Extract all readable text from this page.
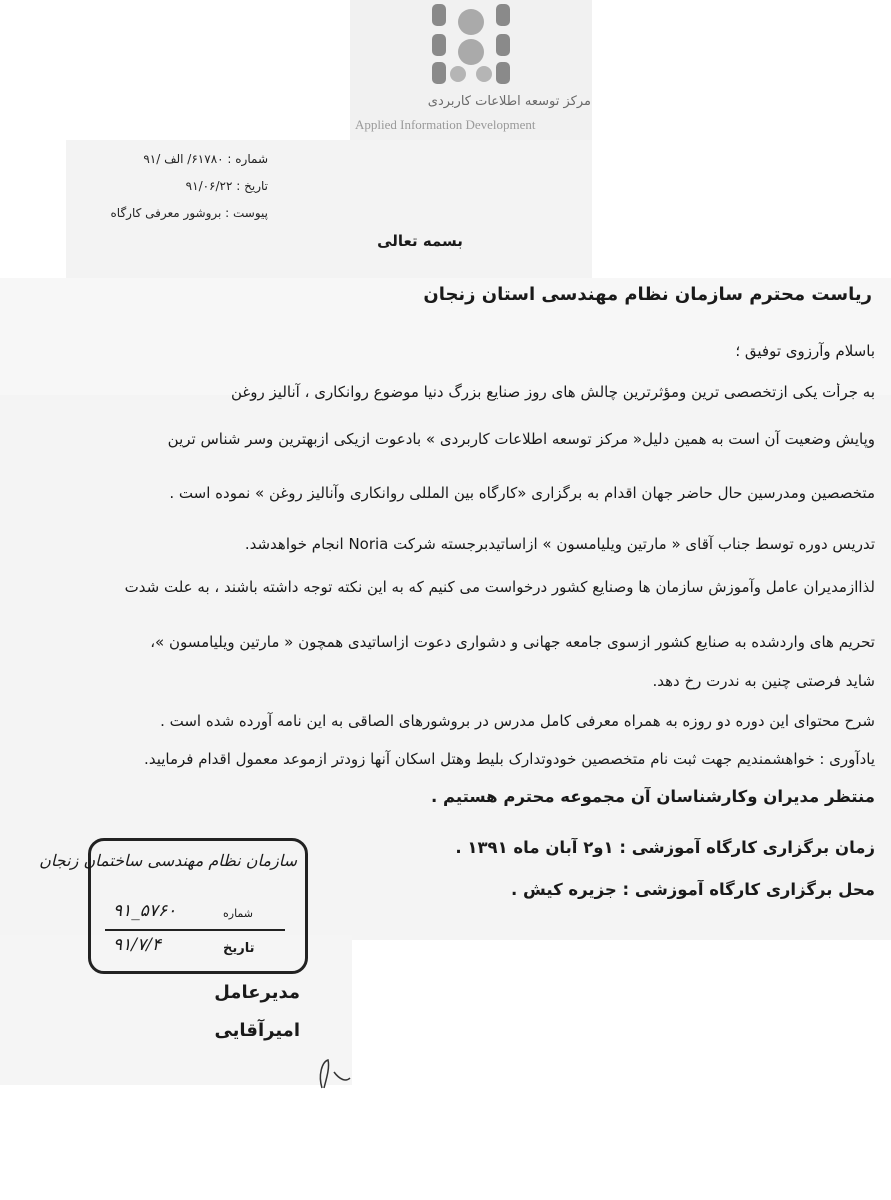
مرکز توسعه اطلاعات کاربردی
Applied Information Development
شماره : ۶۱۷۸۰/ الف /۹۱
تاریخ : ۹۱/۰۶/۲۲
پیوست : بروشور معرفی کارگاه
بسمه تعالی
ریاست محترم سازمان نظام مهندسی استان زنجان
باسلام وآرزوی توفیق ؛
به جرأت یکی ازتخصصی ترین ومؤثرترین چالش های روز صنایع بزرگ دنیا موضوع روانکاری ، آنالیز روغن
وپایش وضعیت آن است به همین دلیل« مرکز توسعه اطلاعات کاربردی » بادعوت ازیکی ازبهترین وسر شناس ترین
متخصصین ومدرسین حال حاضر جهان اقدام به برگزاری «کارگاه بین المللی روانکاری وآنالیز روغن » نموده است .
تدریس دوره توسط جناب آقای « مارتین ویلیامسون » ازاساتیدبرجسته شرکت Noria انجام خواهدشد.
لذاازمدیران عامل وآموزش سازمان ها وصنایع کشور درخواست می کنیم که به این نکته توجه داشته باشند ، به علت شدت
تحریم های واردشده به صنایع کشور ازسوی جامعه جهانی و دشواری دعوت ازاساتیدی همچون « مارتین ویلیامسون »،
شاید فرصتی چنین به ندرت رخ دهد.
شرح محتوای این دوره دو روزه به همراه معرفی کامل مدرس در بروشورهای الصاقی به این نامه آورده شده است .
یادآوری : خواهشمندیم جهت ثبت نام متخصصین خودوتدارک بلیط وهتل اسکان آنها زودتر ازموعد معمول اقدام فرمایید.
منتظر مدیران وکارشناسان آن مجموعه محترم هستیم .
زمان برگزاری کارگاه آموزشی : ۱و۲ آبان ماه ۱۳۹۱ .
محل برگزاری کارگاه آموزشی : جزیره کیش .
سازمان نظام مهندسی ساختمان زنجان
شماره
۹۱_۵۷۶۰
تاریخ
۹۱/۷/۴
مدیرعامل
امیرآقایی
